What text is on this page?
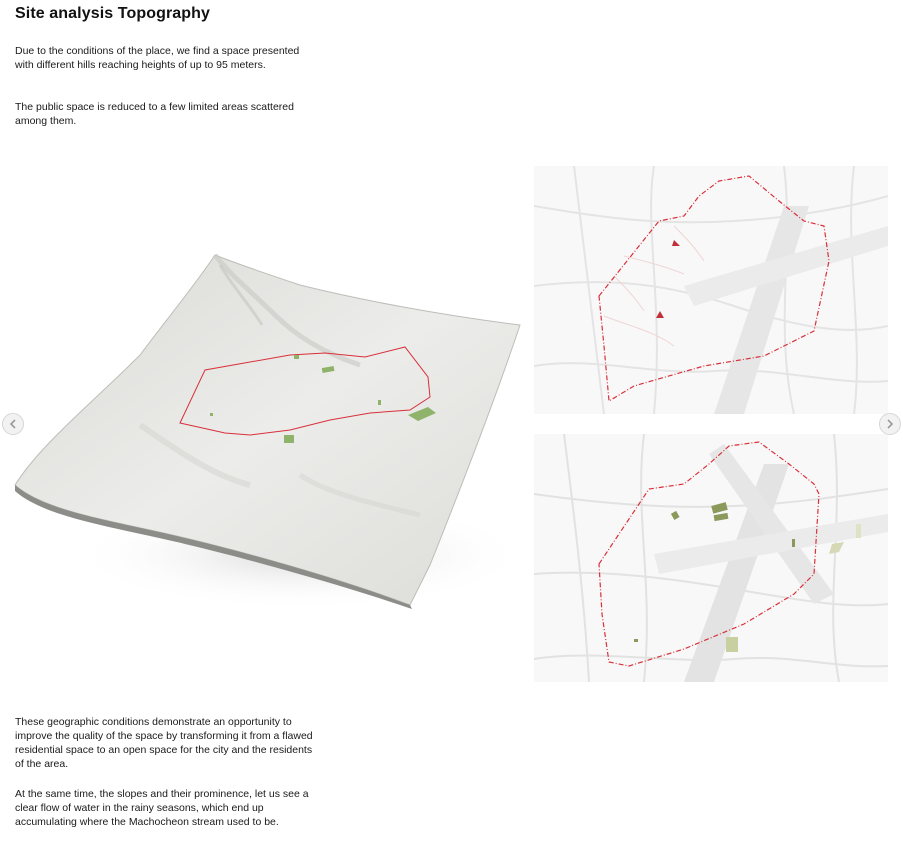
Site analysis Topography

Due to the conditions of the place, we find a space presented with different hills reaching heights of up to 95 meters.

The public space is reduced to a few limited areas scattered among them.

These geographic conditions demonstrate an opportunity to improve the quality of the space by transforming it from a flawed residential space to an open space for the city and the residents of the area.

At the same time, the slopes and their prominence, let us see a clear flow of water in the rainy seasons, which end up accumulating where the Machocheon stream used to be.
